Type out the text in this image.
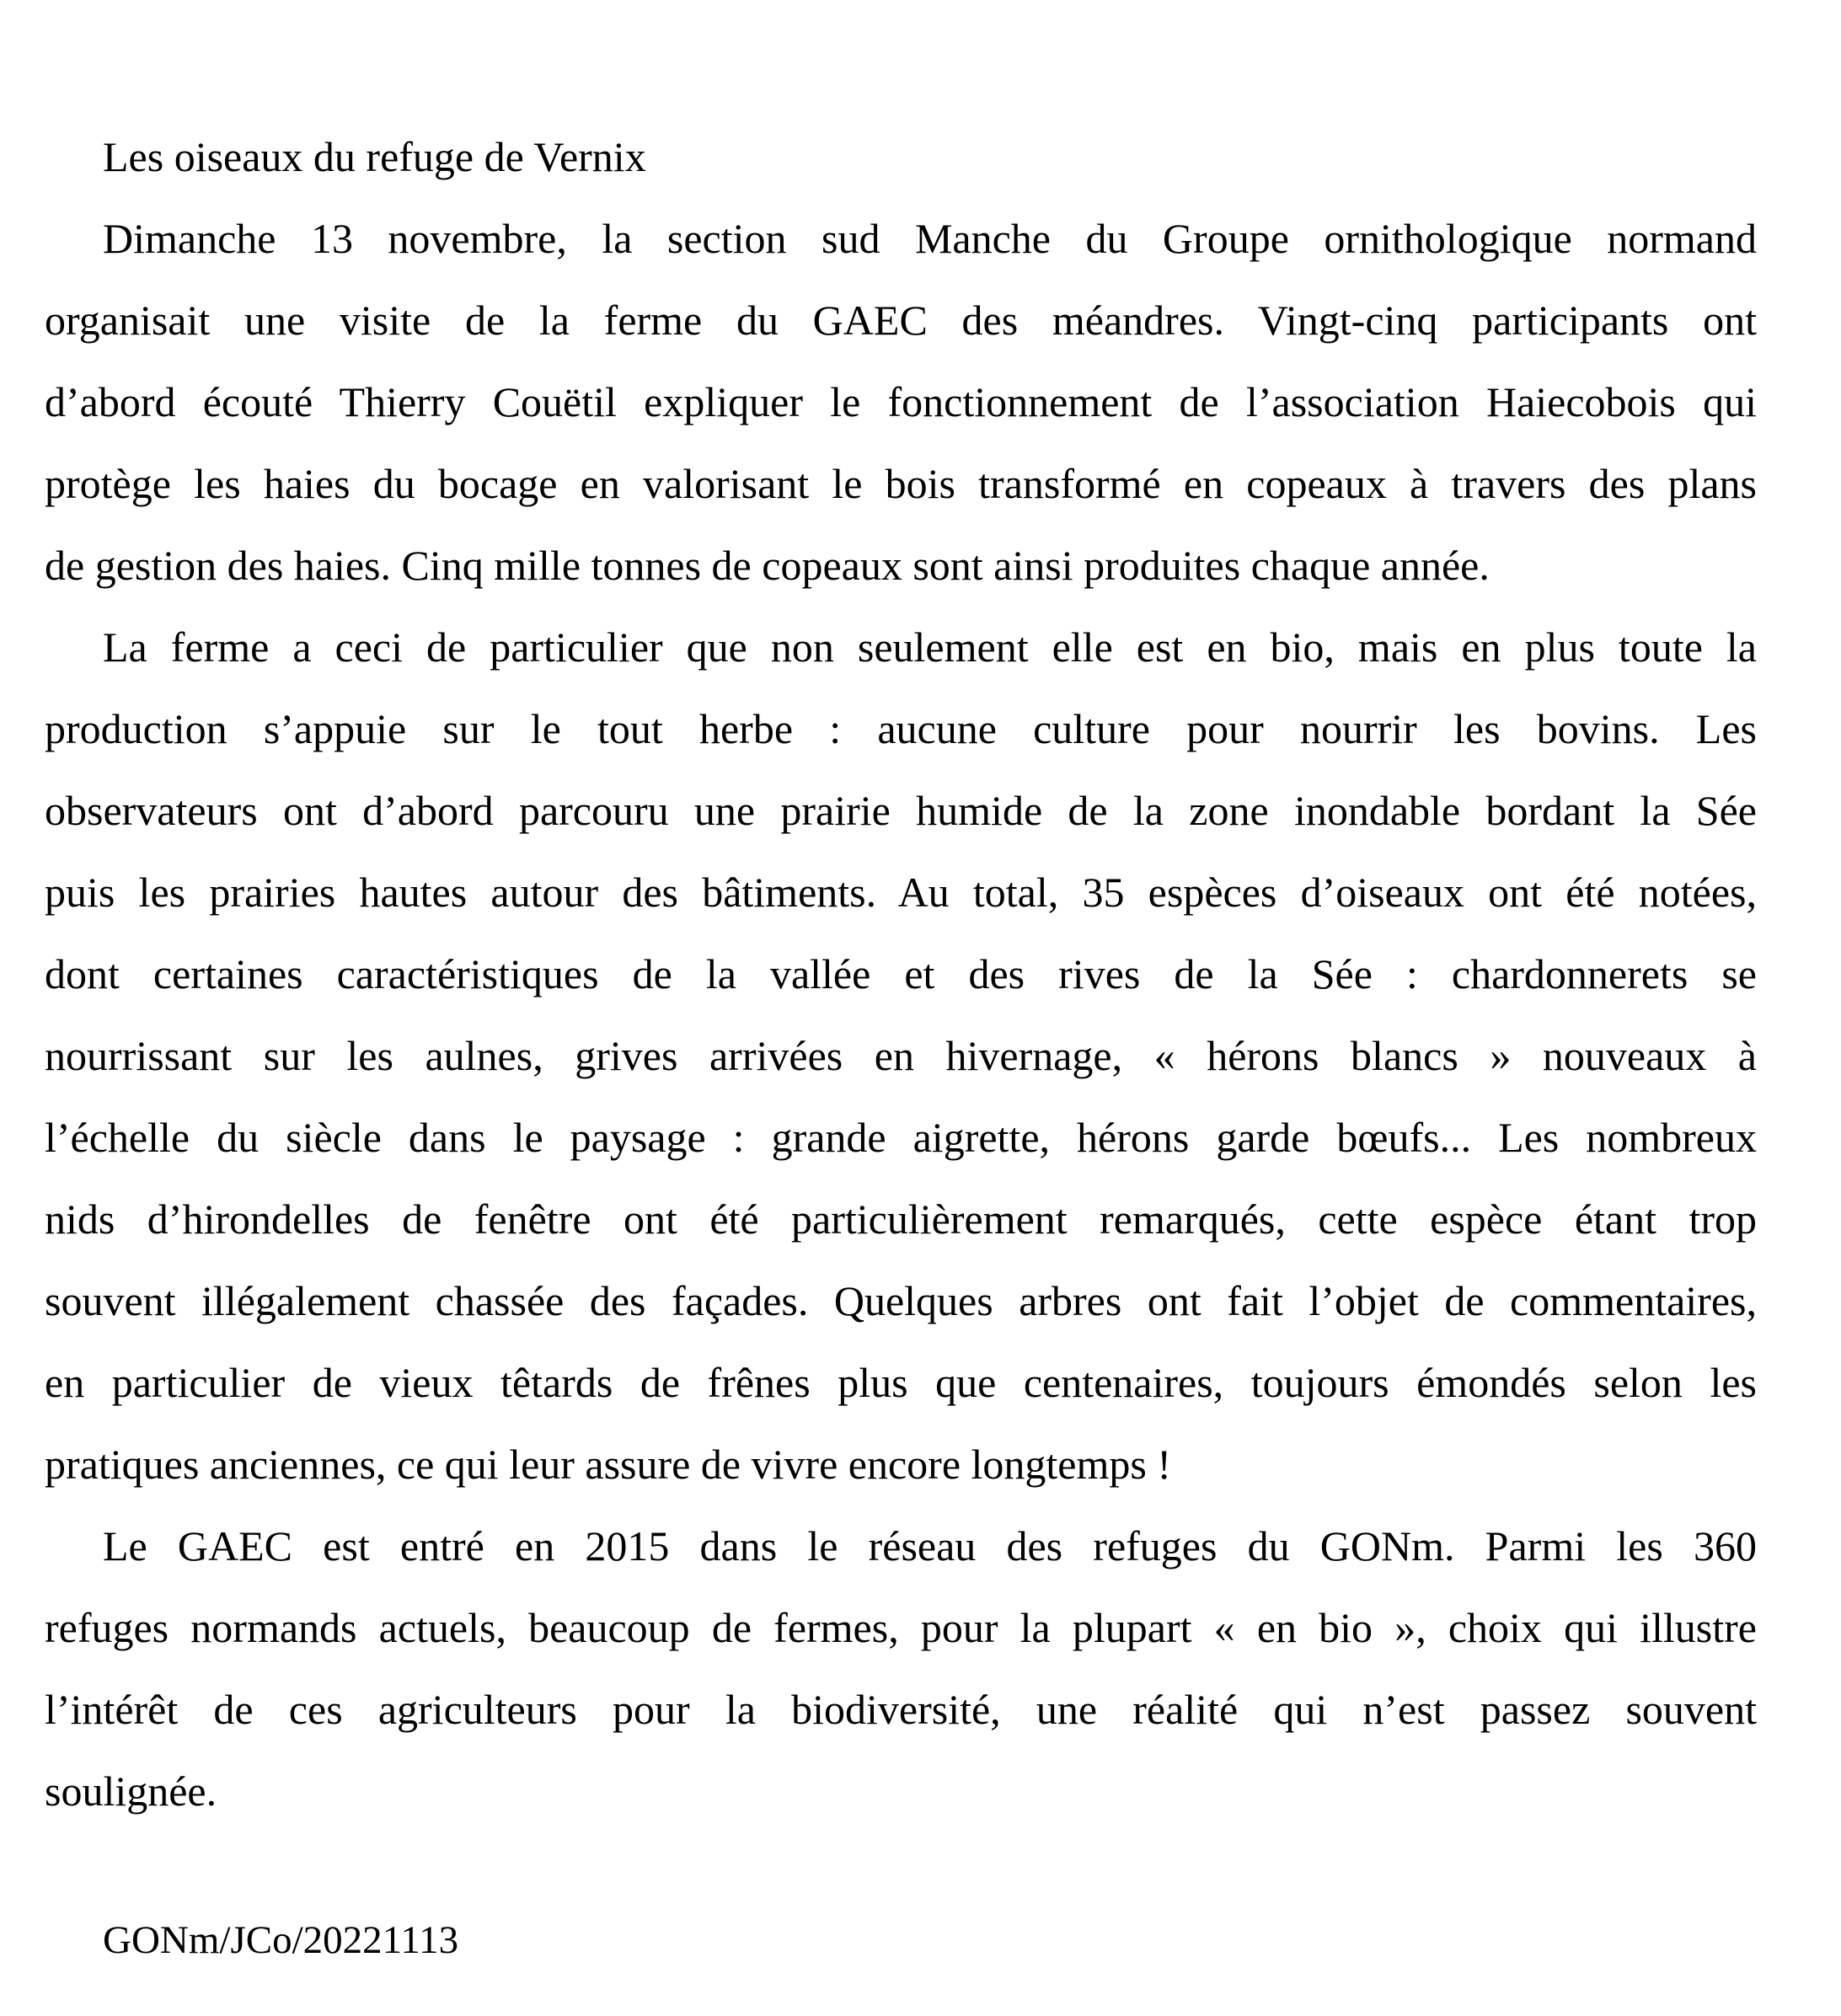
Les oiseaux du refuge de Vernix

Dimanche 13 novembre, la section sud Manche du Groupe ornithologique normand

organisait une visite de la ferme du GAEC des méandres. Vingt-cinq participants ont

d’abord écouté Thierry Couëtil expliquer le fonctionnement de l’association Haiecobois qui

protège les haies du bocage en valorisant le bois transformé en copeaux à travers des plans

de gestion des haies. Cinq mille tonnes de copeaux sont ainsi produites chaque année.

La ferme a ceci de particulier que non seulement elle est en bio, mais en plus toute la

production s’appuie sur le tout herbe : aucune culture pour nourrir les bovins. Les

observateurs ont d’abord parcouru une prairie humide de la zone inondable bordant la Sée

puis les prairies hautes autour des bâtiments. Au total, 35 espèces d’oiseaux ont été notées,

dont certaines caractéristiques de la vallée et des rives de la Sée : chardonnerets se

nourrissant sur les aulnes, grives arrivées en hivernage, « hérons blancs » nouveaux à

l’échelle du siècle dans le paysage : grande aigrette, hérons garde bœufs... Les nombreux

nids d’hirondelles de fenêtre ont été particulièrement remarqués, cette espèce étant trop

souvent illégalement chassée des façades. Quelques arbres ont fait l’objet de commentaires,

en particulier de vieux têtards de frênes plus que centenaires, toujours émondés selon les

pratiques anciennes, ce qui leur assure de vivre encore longtemps !

Le GAEC est entré en 2015 dans le réseau des refuges du GONm. Parmi les 360

refuges normands actuels, beaucoup de fermes, pour la plupart « en bio », choix qui illustre

l’intérêt de ces agriculteurs pour la biodiversité, une réalité qui n’est passez souvent

soulignée.

GONm/JCo/20221113
